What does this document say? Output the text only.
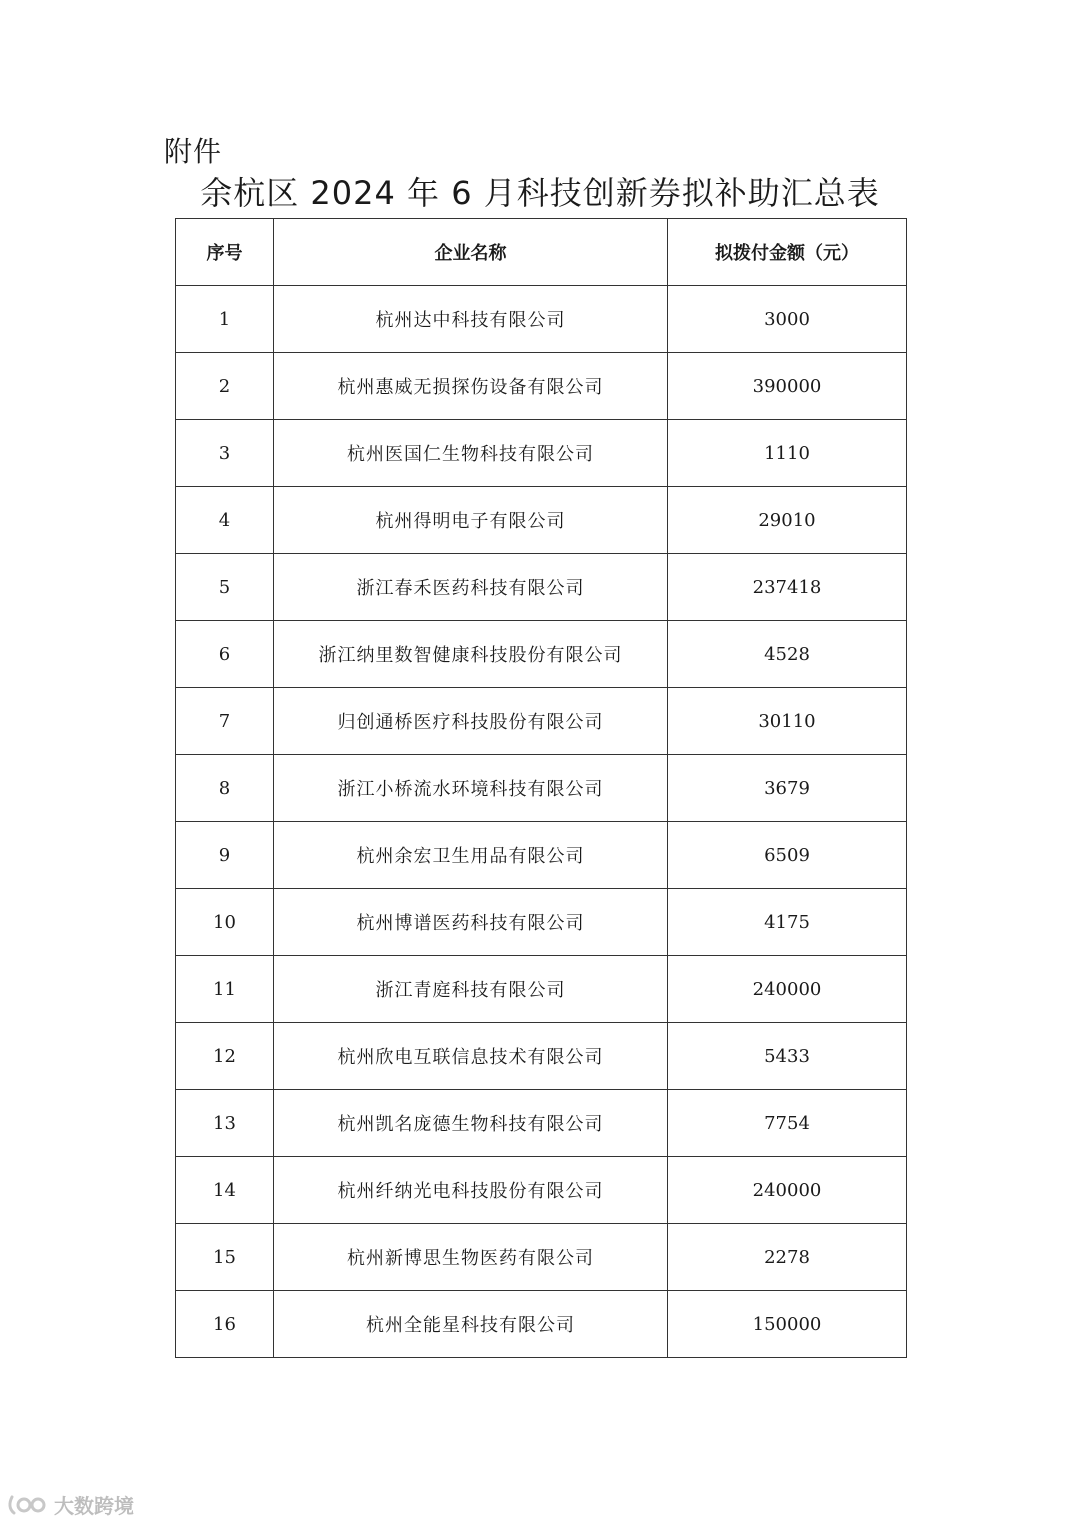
附件
余杭区 2024 年 6 月科技创新券拟补助汇总表
序号	企业名称	拟拨付金额（元）
1	杭州达中科技有限公司	3000
2	杭州惠威无损探伤设备有限公司	390000
3	杭州医国仁生物科技有限公司	1110
4	杭州得明电子有限公司	29010
5	浙江春禾医药科技有限公司	237418
6	浙江纳里数智健康科技股份有限公司	4528
7	归创通桥医疗科技股份有限公司	30110
8	浙江小桥流水环境科技有限公司	3679
9	杭州余宏卫生用品有限公司	6509
10	杭州博谱医药科技有限公司	4175
11	浙江青庭科技有限公司	240000
12	杭州欣电互联信息技术有限公司	5433
13	杭州凯名庞德生物科技有限公司	7754
14	杭州纤纳光电科技股份有限公司	240000
15	杭州新博思生物医药有限公司	2278
16	杭州全能星科技有限公司	150000
大数跨境
